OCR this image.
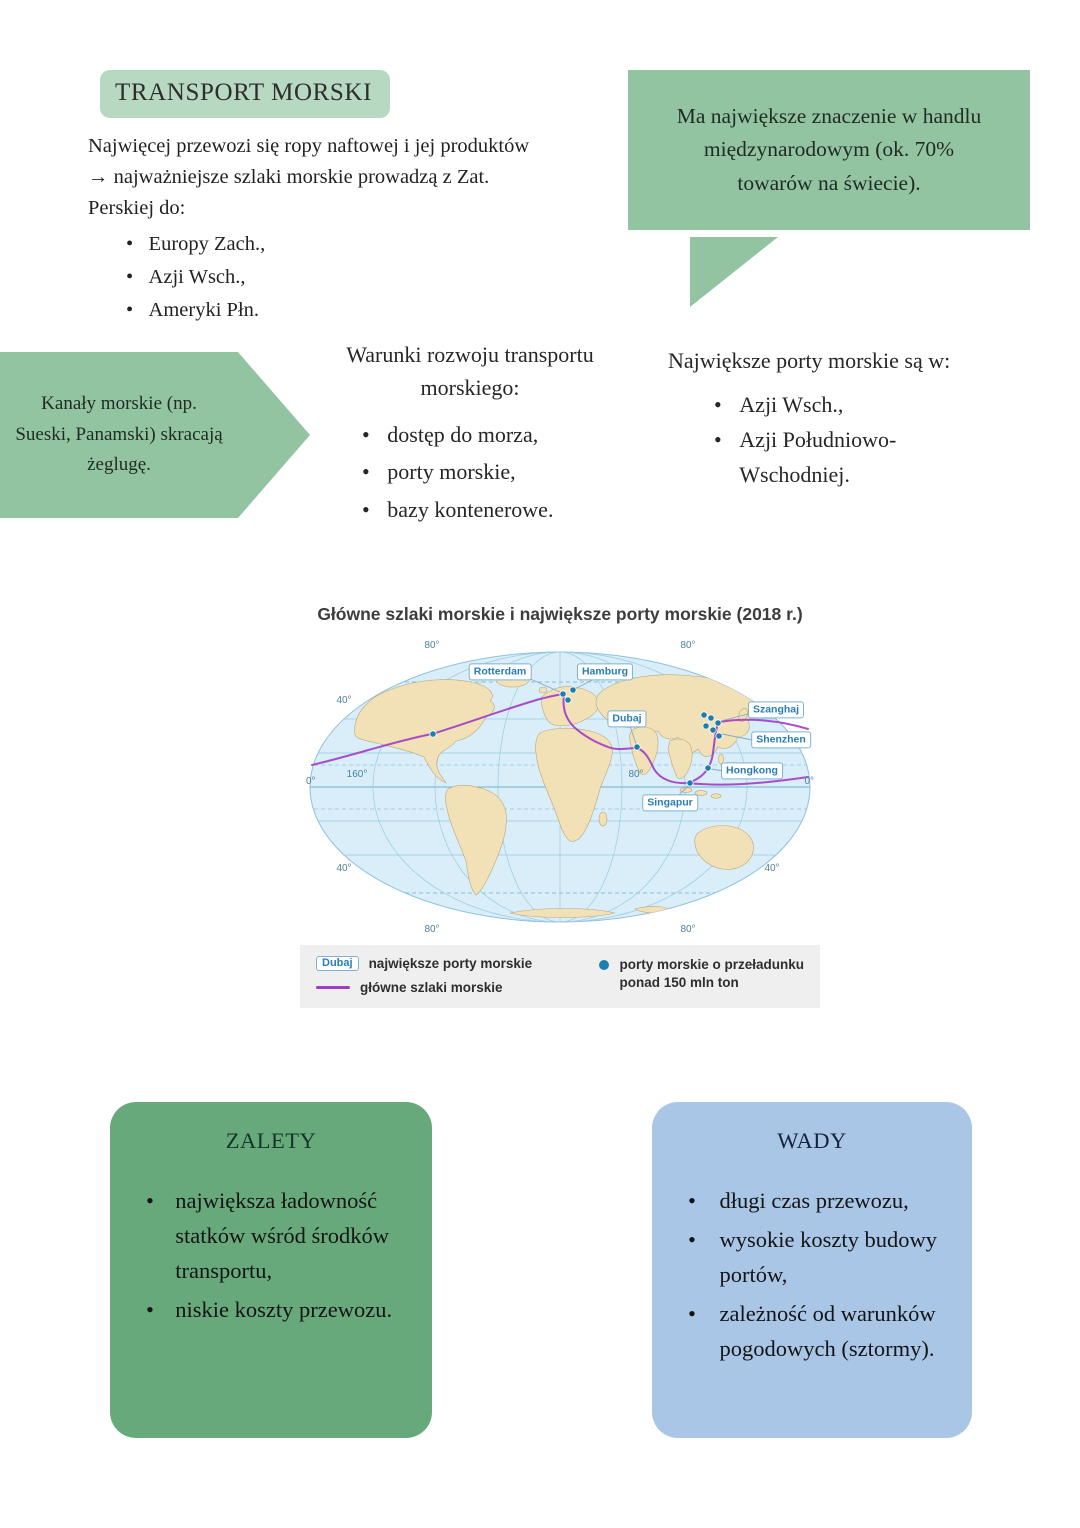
TRANSPORT MORSKI
Najwięcej przewozi się ropy naftowej i jej produktów
→ najważniejsze szlaki morskie prowadzą z Zat.
Perskiej do:
• Europy Zach.,
• Azji Wsch.,
• Ameryki Płn.
Ma największe znaczenie w handlu międzynarodowym (ok. 70% towarów na świecie).
Kanały morskie (np. Sueski, Panamski) skracają żeglugę.
Warunki rozwoju transportu morskiego:
• dostęp do morza,
• porty morskie,
• bazy kontenerowe.
Największe porty morskie są w:
• Azji Wsch.,
• Azji Południowo-Wschodniej.
Główne szlaki morskie i największe porty morskie (2018 r.)
80°	80°
40°
0°
160°	80°
0°
40°	40°
80°	80°
Rotterdam	Hamburg
Dubaj
Szanghaj
Shenzhen
Hongkong
Singapur
Dubaj	największe porty morskie
główne szlaki morskie
porty morskie o przeładunku
ponad 150 mln ton
ZALETY
• największa ładowność statków wśród środków transportu,
• niskie koszty przewozu.
WADY
• długi czas przewozu,
• wysokie koszty budowy portów,
• zależność od warunków pogodowych (sztormy).
